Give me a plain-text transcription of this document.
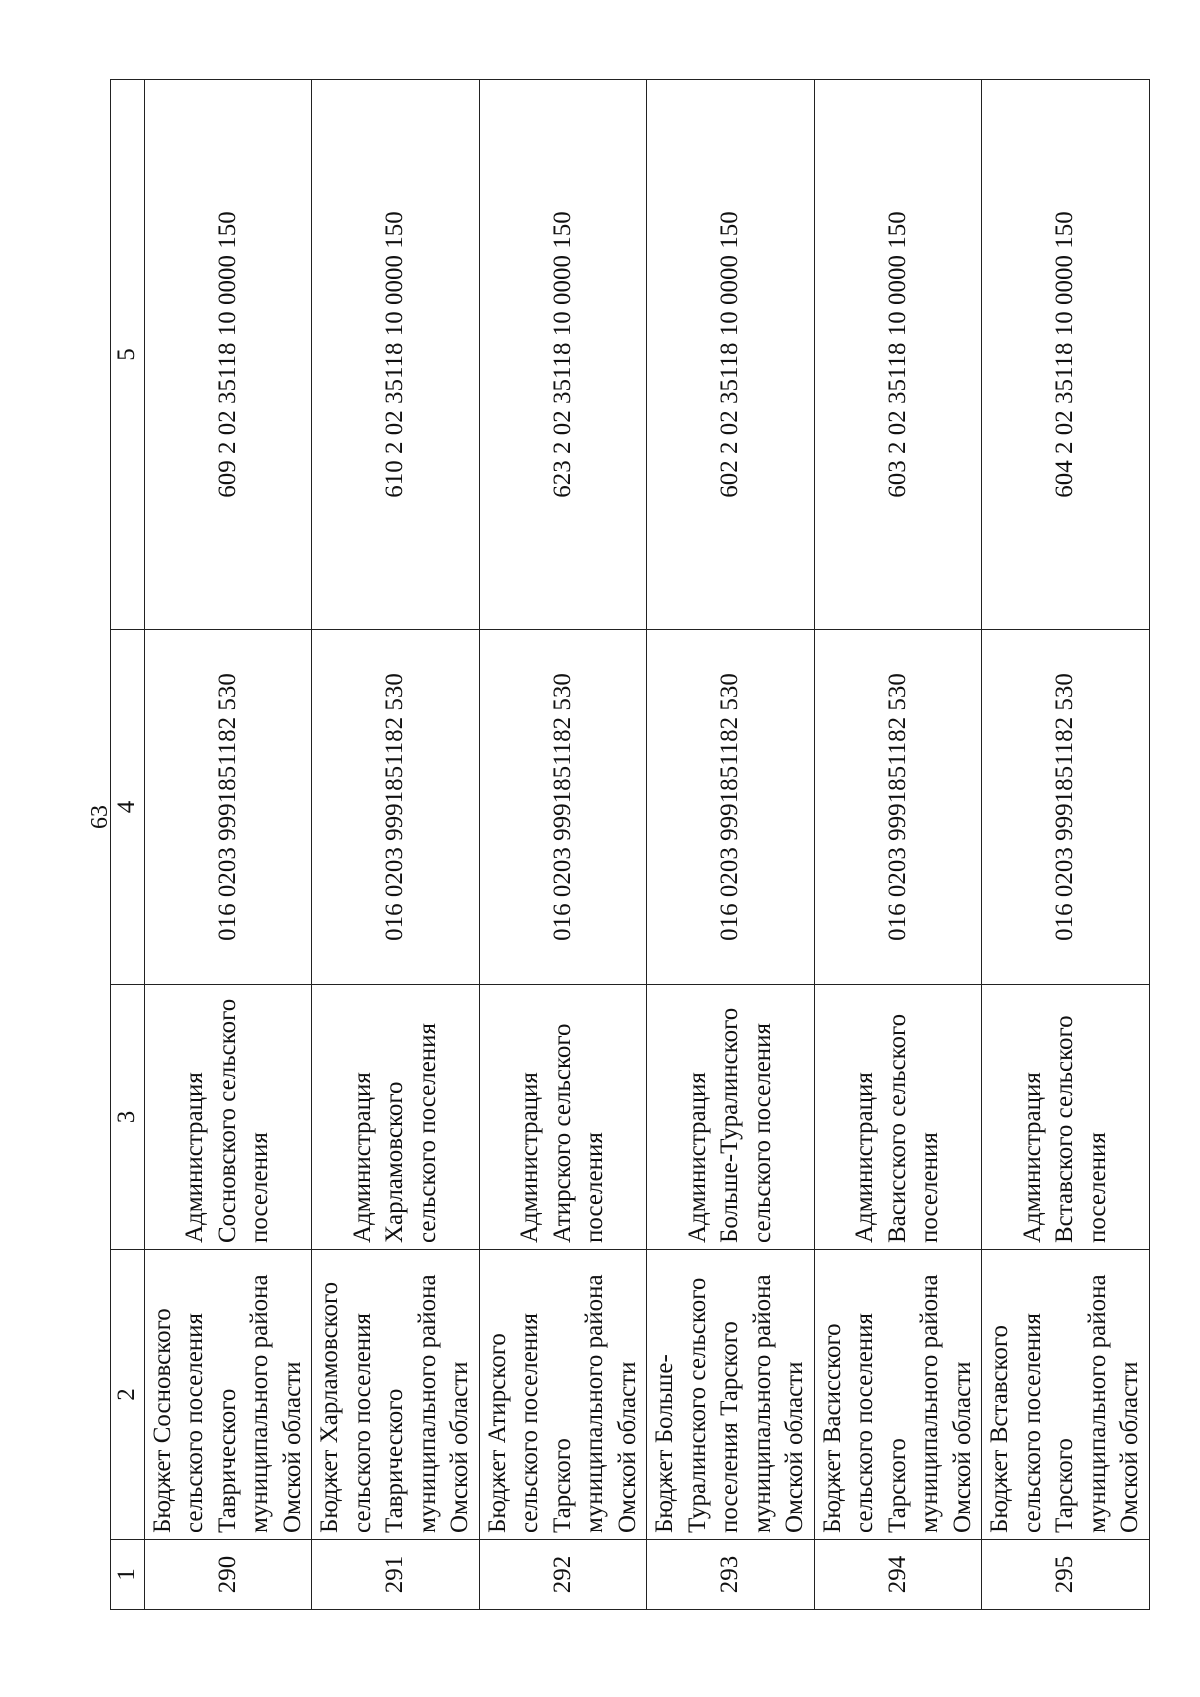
63
1	2	3	4	5
290	Бюджет Сосновского сельского поселения Таврического муниципального района Омской области	Администрация Сосновского сельского поселения	016 0203 9991851182 530	609 2 02 35118 10 0000 150
291	Бюджет Харламовского сельского поселения Таврического муниципального района Омской области	Администрация Харламовского сельского поселения	016 0203 9991851182 530	610 2 02 35118 10 0000 150
292	Бюджет Атирского сельского поселения Тарского муниципального района Омской области	Администрация Атирского сельского поселения	016 0203 9991851182 530	623 2 02 35118 10 0000 150
293	Бюджет Больше-Туралинского сельского поселения Тарского муниципального района Омской области	Администрация Больше-Туралинского сельского поселения	016 0203 9991851182 530	602 2 02 35118 10 0000 150
294	Бюджет Васисского сельского поселения Тарского муниципального района Омской области	Администрация Васисского сельского поселения	016 0203 9991851182 530	603 2 02 35118 10 0000 150
295	Бюджет Вставского сельского поселения Тарского муниципального района Омской области	Администрация Вставского сельского поселения	016 0203 9991851182 530	604 2 02 35118 10 0000 150
